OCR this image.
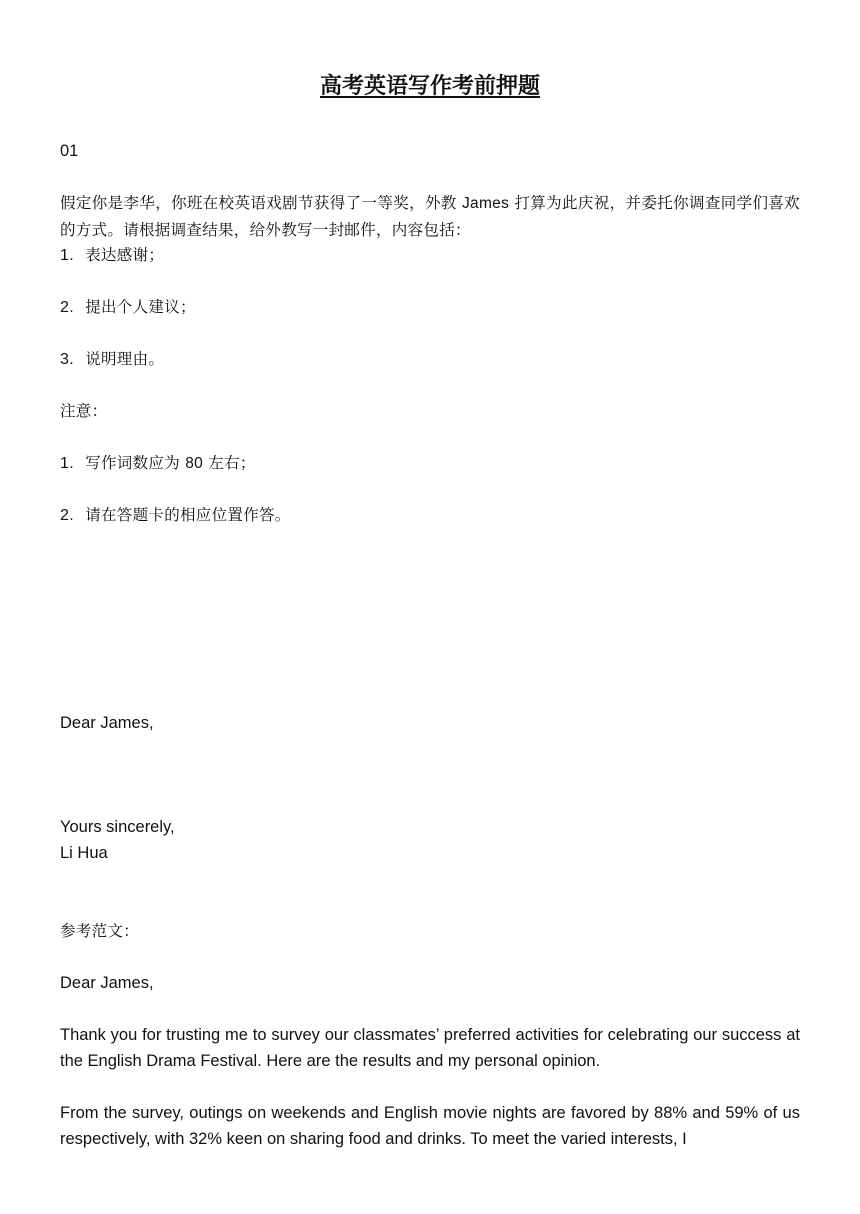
高考英语写作考前押题
01
假定你是李华，你班在校英语戏剧节获得了一等奖，外教 James 打算为此庆祝，并委托你调查同学们喜欢的方式。请根据调查结果，给外教写一封邮件，内容包括：
1. 表达感谢；
2. 提出个人建议；
3. 说明理由。
注意：
1. 写作词数应为 80 左右；
2. 请在答题卡的相应位置作答。
Dear James,
Yours sincerely,
Li Hua
参考范文：
Dear James,
Thank you for trusting me to survey our classmates’ preferred activities for celebrating our success at the English Drama Festival. Here are the results and my personal opinion.
From the survey, outings on weekends and English movie nights are favored by 88% and 59% of us respectively, with 32% keen on sharing food and drinks. To meet the varied interests, I
